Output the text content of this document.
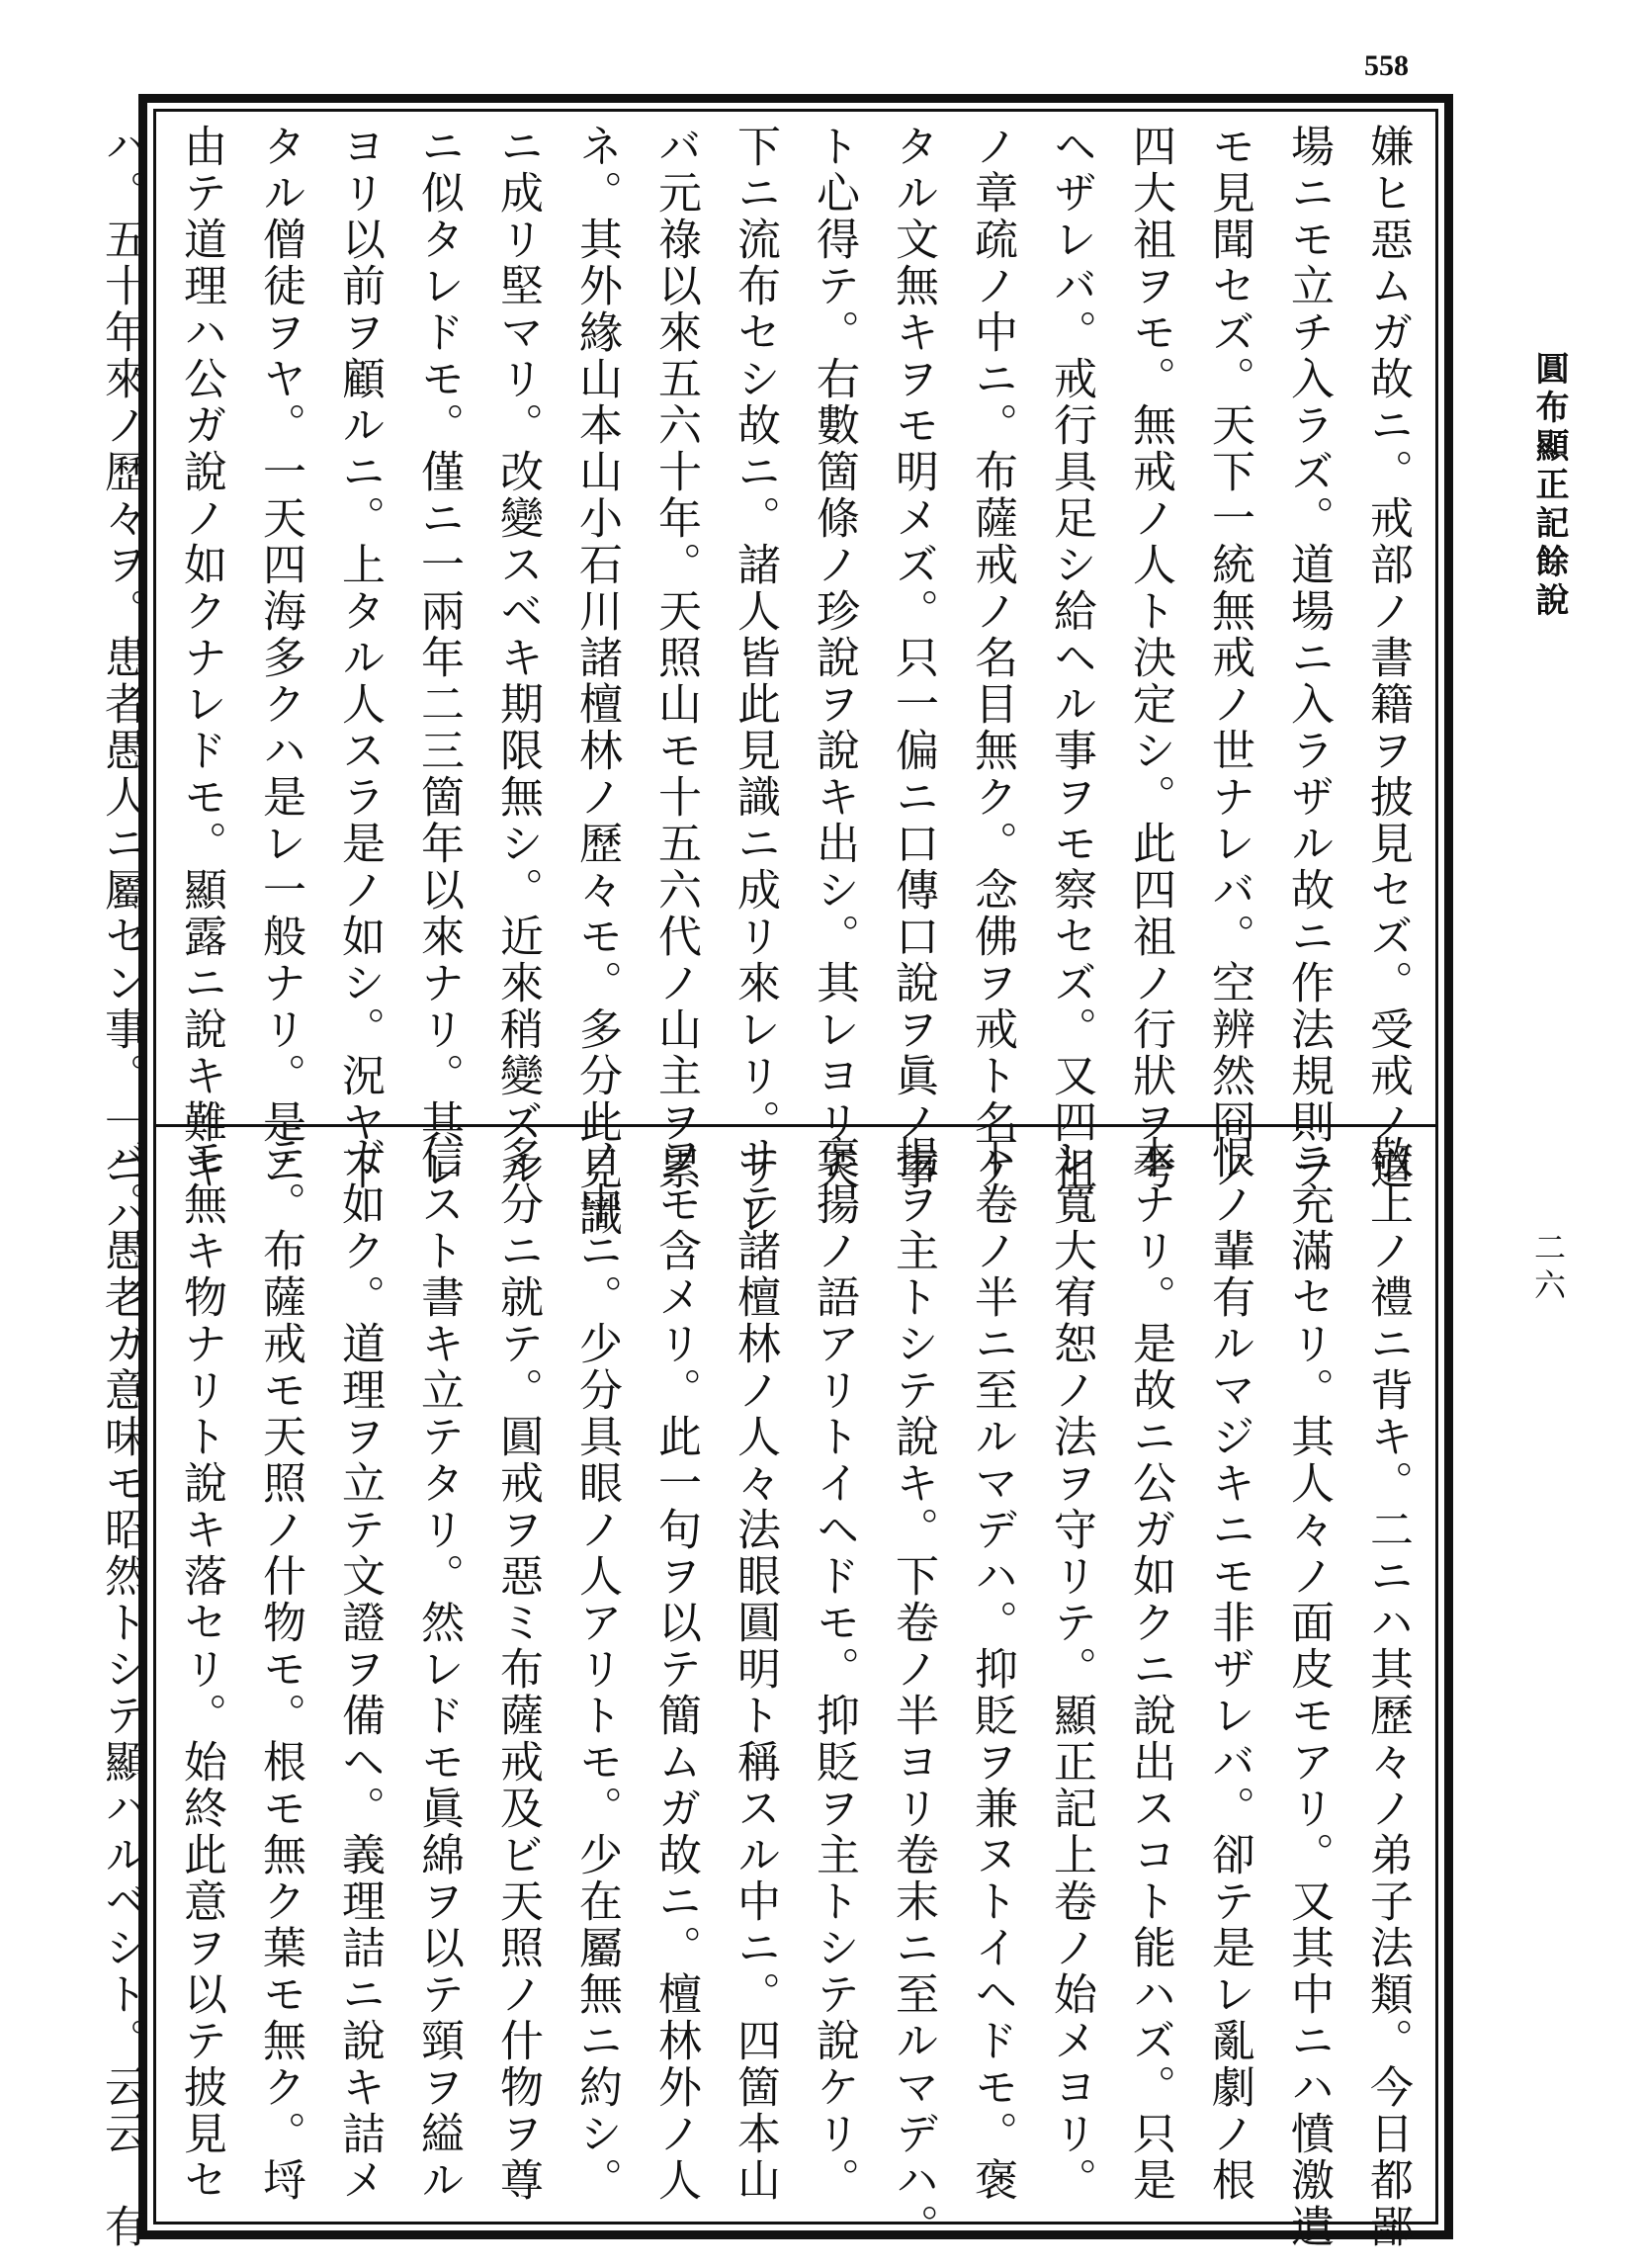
558
嫌ヒ惡ムガ故ニ。戒部ノ書籍ヲ披見セズ。受戒ノ道
場ニモ立チ入ラズ。道場ニ入ラザル故ニ作法規則ヲ
モ見聞セズ。天下一統無戒ノ世ナレバ。空辨然冏ノ
四大祖ヲモ。無戒ノ人ト決定シ。此四祖ノ行狀ヲ考
ヘザレバ。戒行具足シ給ヘル事ヲモ察セズ。又四祖
ノ章疏ノ中ニ。布薩戒ノ名目無ク。念佛ヲ戒ト名ケ
タル文無キヲモ明メズ。只一偏ニ口傳口說ヲ眞ノ事
ト心得テ。右數箇條ノ珍說ヲ說キ出シ。其レヨリ天
下ニ流布セシ故ニ。諸人皆此見識ニ成リ來レリ。サレ
バ元祿以來五六十年。天照山モ十五六代ノ山主ヲ累
ネ。其外緣山本山小石川諸檀林ノ歷々モ。多分此見識
ニ成リ堅マリ。改變スベキ期限無シ。近來稍變ズル
ニ似タレドモ。僅ニ一兩年二三箇年以來ナリ。其レ
ヨリ以前ヲ顧ルニ。上タル人スラ是ノ如シ。況ヤ下
タル僧徒ヲヤ。一天四海多クハ是レ一般ナリ。是ニ
由テ道理ハ公ガ說ノ如クナレドモ。顯露ニ說キ難キ
ハ。五十年來ノ歷々ヲ。患者愚人ニ屬セン事。一ニハ
敬上ノ禮ニ背キ。二ニハ其歷々ノ弟子法類。今日都鄙
ニ充滿セリ。其人々ノ面皮モアリ。又其中ニハ憤激遺
恨ノ輩有ルマジキニモ非ザレバ。卻テ是レ亂劇ノ根
本ナリ。是故ニ公ガ如クニ說出スコト能ハズ。只是
レ寬大宥恕ノ法ヲ守リテ。顯正記上卷ノ始メヨリ。
下卷ノ半ニ至ルマデハ。抑貶ヲ兼ヌトイヘドモ。褒
揚ヲ主トシテ說キ。下卷ノ半ヨリ卷末ニ至ルマデハ。
褒揚ノ語アリトイヘドモ。抑貶ヲ主トシテ說ケリ。
サテ諸檀林ノ人々法眼圓明ト稱スル中ニ。四箇本山
ヲモ含メリ。此一句ヲ以テ簡ムガ故ニ。檀林外ノ人
ノ中ニ。少分具眼ノ人アリトモ。少在屬無ニ約シ。
多分ニ就テ。圓戒ヲ惡ミ布薩戒及ビ天照ノ什物ヲ尊
信スト書キ立テタリ。然レドモ眞綿ヲ以テ頸ヲ縊ル
ガ如ク。道理ヲ立テ文證ヲ備ヘ。義理詰ニ說キ詰メ
テ。布薩戒モ天照ノ什物モ。根モ無ク葉モ無ク。埒
モ無キ物ナリト說キ落セリ。始終此意ヲ以テ披見セ
バ。愚老ガ意味モ昭然トシテ顯ハルベシト。云云　有
圓布顯正記餘說
二六
